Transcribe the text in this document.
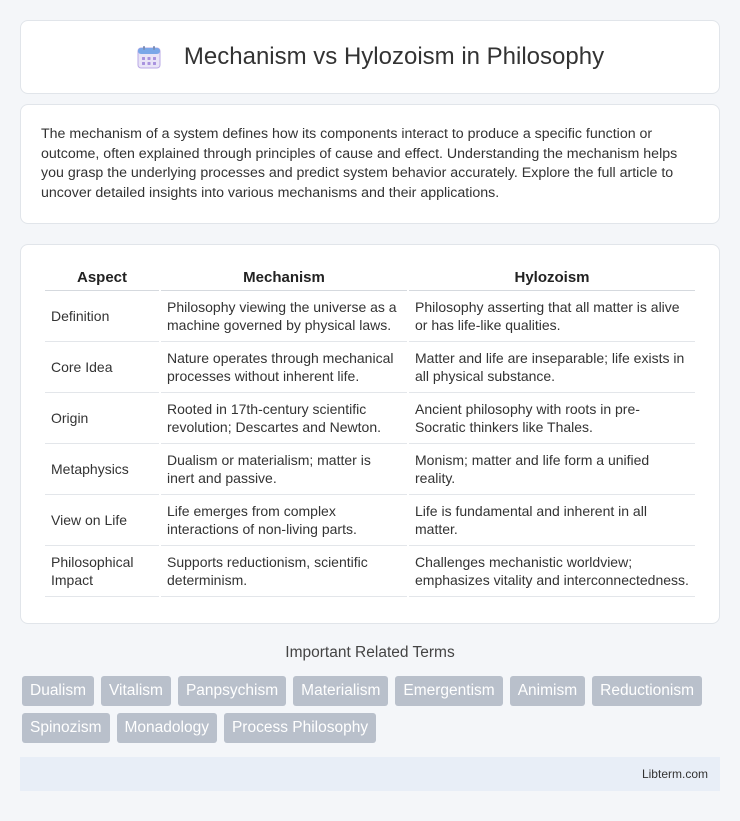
Mechanism vs Hylozoism in Philosophy

The mechanism of a system defines how its components interact to produce a specific function or outcome, often explained through principles of cause and effect. Understanding the mechanism helps you grasp the underlying processes and predict system behavior accurately. Explore the full article to uncover detailed insights into various mechanisms and their applications.

Aspect	Mechanism	Hylozoism
Definition	Philosophy viewing the universe as a machine governed by physical laws.	Philosophy asserting that all matter is alive or has life-like qualities.
Core Idea	Nature operates through mechanical processes without inherent life.	Matter and life are inseparable; life exists in all physical substance.
Origin	Rooted in 17th-century scientific revolution; Descartes and Newton.	Ancient philosophy with roots in pre-Socratic thinkers like Thales.
Metaphysics	Dualism or materialism; matter is inert and passive.	Monism; matter and life form a unified reality.
View on Life	Life emerges from complex interactions of non-living parts.	Life is fundamental and inherent in all matter.
Philosophical Impact	Supports reductionism, scientific determinism.	Challenges mechanistic worldview; emphasizes vitality and interconnectedness.
Important Related Terms
Dualism	Vitalism	Panpsychism	Materialism	Emergentism	Animism	Reductionism
Spinozism	Monadology	Process Philosophy
Libterm.com
